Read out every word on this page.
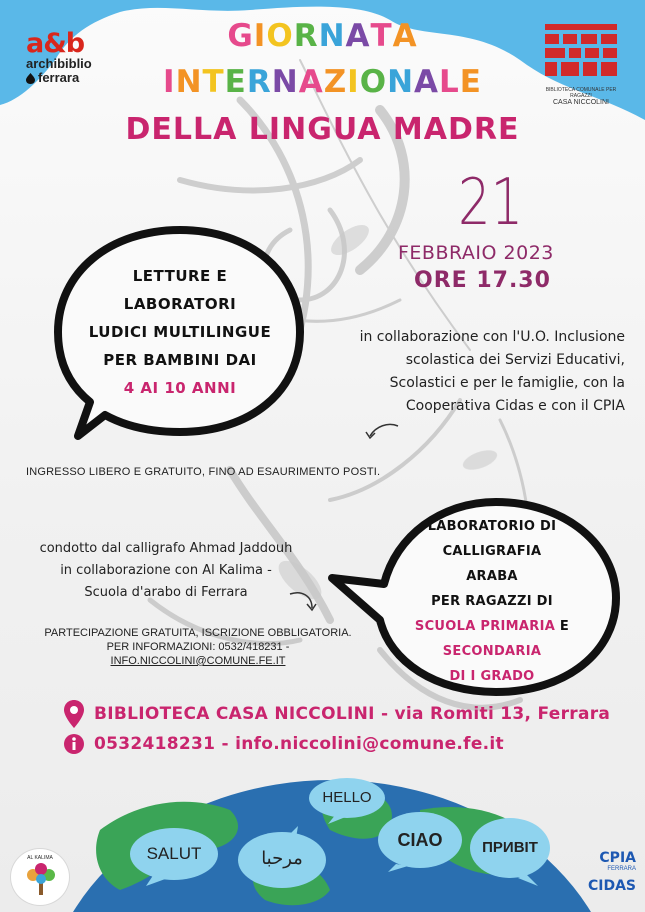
a&b
archibiblio
ferrara
BIBLIOTECA COMUNALE PER RAGAZZI
CASA NICCOLINI
GIORNATA
INTERNAZIONALE
DELLA LINGUA MADRE
21
FEBBRAIO 2023
ORE 17.30
LETTURE E
LABORATORI
LUDICI MULTILINGUE
PER BAMBINI DAI
4 AI 10 ANNI
in collaborazione con l'U.O. Inclusione
scolastica dei Servizi Educativi,
Scolastici e per le famiglie, con la
Cooperativa Cidas e con il CPIA
INGRESSO LIBERO E GRATUITO, FINO AD ESAURIMENTO POSTI.
LABORATORIO DI
CALLIGRAFIA
ARABA
PER RAGAZZI DI
SCUOLA PRIMARIA E
SECONDARIA
DI I GRADO
condotto dal calligrafo Ahmad Jaddouh
in collaborazione con Al Kalima -
Scuola d'arabo di Ferrara
PARTECIPAZIONE GRATUITA, ISCRIZIONE OBBLIGATORIA.
PER INFORMAZIONI: 0532/418231 -
INFO.NICCOLINI@COMUNE.FE.IT
BIBLIOTECA CASA NICCOLINI - via Romiti 13, Ferrara
0532418231 - info.niccolini@comune.fe.it
HELLO
SALUT	مرحبا
CIAO	ПРИВІТ
AL KALIMA	CPIA
FERRARA
CIDAS
